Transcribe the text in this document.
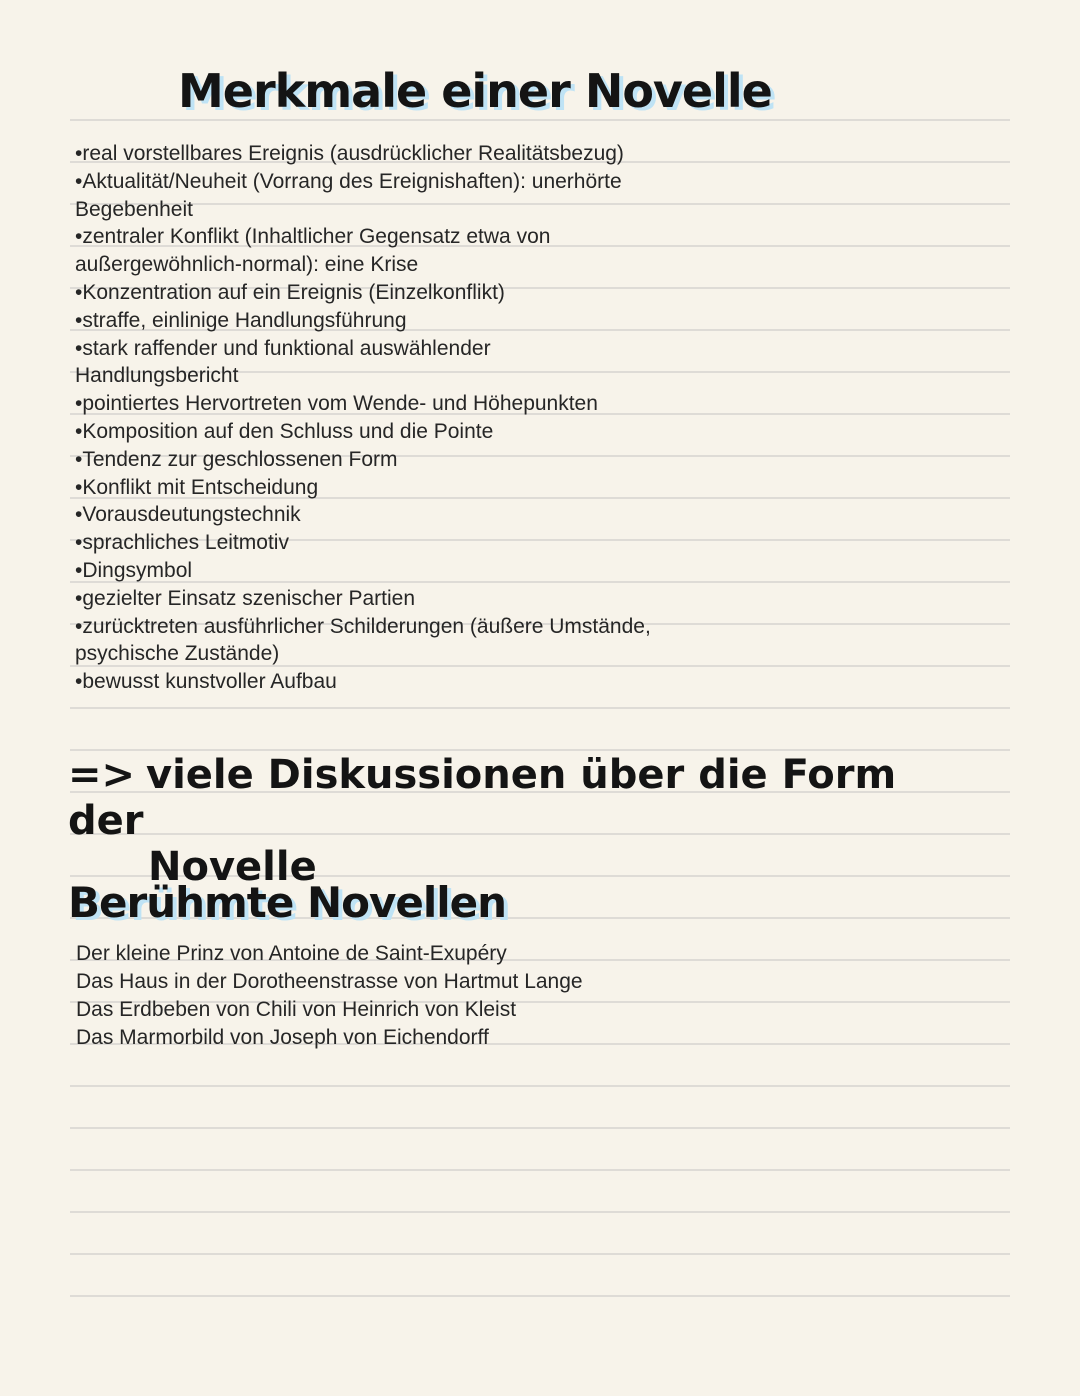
Merkmale einer Novelle
•real vorstellbares Ereignis (ausdrücklicher Realitätsbezug)
•Aktualität/Neuheit (Vorrang des Ereignishaften): unerhörte
Begebenheit
•zentraler Konflikt (Inhaltlicher Gegensatz etwa von
außergewöhnlich-normal): eine Krise
•Konzentration auf ein Ereignis (Einzelkonflikt)
•straffe, einlinige Handlungsführung
•stark raffender und funktional auswählender
Handlungsbericht
•pointiertes Hervortreten vom Wende- und Höhepunkten
•Komposition auf den Schluss und die Pointe
•Tendenz zur geschlossenen Form
•Konflikt mit Entscheidung
•Vorausdeutungstechnik
•sprachliches Leitmotiv
•Dingsymbol
•gezielter Einsatz szenischer Partien
•zurücktreten ausführlicher Schilderungen (äußere Umstände,
psychische Zustände)
•bewusst kunstvoller Aufbau
=> viele Diskussionen über die Form der
Novelle
Berühmte Novellen
Der kleine Prinz von Antoine de Saint-Exupéry
Das Haus in der Dorotheenstrasse von Hartmut Lange
Das Erdbeben von Chili von Heinrich von Kleist
Das Marmorbild von Joseph von Eichendorff
